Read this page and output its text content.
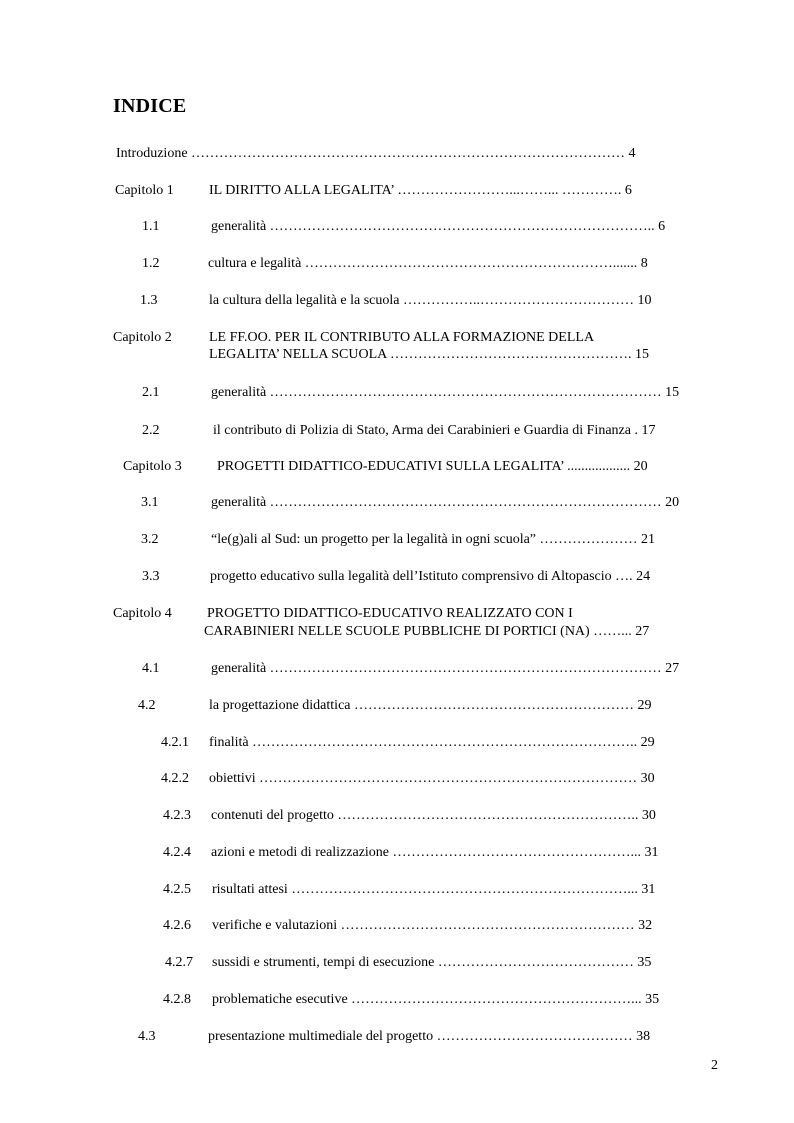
INDICE
Introduzione ………………………………………………………………………………… 4
Capitolo 1	IL DIRITTO ALLA LEGALITA’ ……………………...……... …………. 6
1.1	generalità ……………………………………………………………………….. 6
1.2	cultura e legalità …………………………………………………………....... 8
1.3	la cultura della legalità e la scuola ……………..…………………………… 10
Capitolo 2	LE FF.OO. PER IL CONTRIBUTO ALLA FORMAZIONE DELLA
LEGALITA’ NELLA SCUOLA ……………………………………………. 15
2.1	generalità ………………………………………………………………………… 15
2.2	il contributo di Polizia di Stato, Arma dei Carabinieri e Guardia di Finanza . 17
Capitolo 3	PROGETTI DIDATTICO-EDUCATIVI SULLA LEGALITA’ .................. 20
3.1	generalità ………………………………………………………………………… 20
3.2	“le(g)ali al Sud: un progetto per la legalità in ogni scuola” ………………… 21
3.3	progetto educativo sulla legalità dell’Istituto comprensivo di Altopascio …. 24
Capitolo 4	PROGETTO DIDATTICO-EDUCATIVO REALIZZATO CON I
CARABINIERI NELLE SCUOLE PUBBLICHE DI PORTICI (NA) ……... 27
4.1	generalità ………………………………………………………………………… 27
4.2	la progettazione didattica …………………………………………………… 29
4.2.1 finalità ……………………………………………………………………….. 29
4.2.2 obiettivi ……………………………………………………………………… 30
4.2.3 contenuti del progetto ……………………………………………………….. 30
4.2.4 azioni e metodi di realizzazione ……………………………………………... 31
4.2.5 risultati attesi ………………………………………………………………... 31
4.2.6 verifiche e valutazioni ……………………………………………………… 32
4.2.7 sussidi e strumenti, tempi di esecuzione …………………………………… 35
4.2.8 problematiche esecutive ……………………………………………………... 35
4.3	presentazione multimediale del progetto …………………………………… 38
2
